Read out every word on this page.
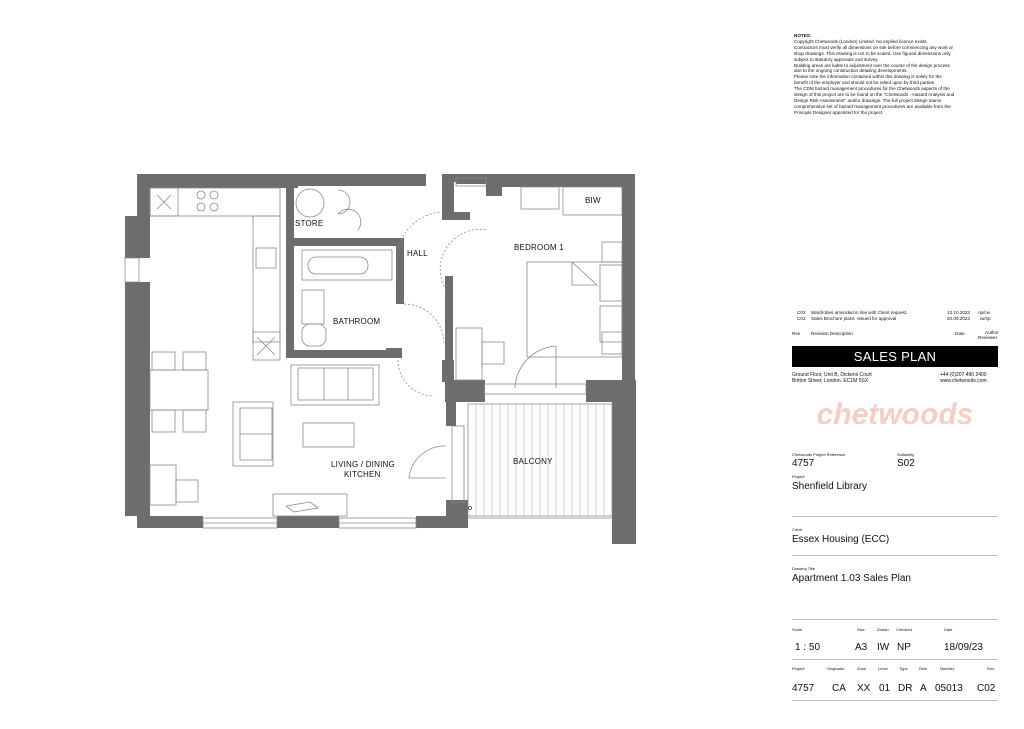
NOTES:
Copyright Chetwoods (London) Limited. No implied licence exists.
Contractors must verify all dimensions on site before commencing any work or
shop drawings. This drawing is not to be scaled. Use figured dimensions only
subject to statutory approvals and survey.
Building areas are liable to adjustment over the course of the design process
due to the ongoing construction detailing developments.
Please note the information contained within this drawing is solely for the
benefit of the employer and should not be relied upon by third parties.
The CDM hazard management procedures for the Chetwoods aspects of the
design of this project are to be found on the "Chetwoods - Hazard Analysis and
Design Risk Assessment" and/or drawings. The full project design teams
comprehensive set of hazard management procedures are available from the
Principle Designer appointed for the project.
STORE
HALL
BEDROOM 1
BIW
BATHROOM
LIVING / DINING
KITCHEN
BALCONY
C02 Wardrobes amended in line with Client request.	13.10.2023 np/cw
C01 Sales Brochure plans -issued for approval	20.09.2023 iw/np
Rev Revision Description	Date	Author
Reviewer
SALES PLAN
Ground Floor, Unit B, Dickens Court
Britton Street, London, EC1M 5SX
+44 (0)207 490 2400
www.chetwoods.com
chetwoods
Chetwoods Project Reference
4757
Suitability
S02
Project
Shenfield Library
Client
Essex Housing (ECC)
Drawing Title
Apartment 1.03 Sales Plan
Scale
1 : 50
Size
A3
Drawn
IW
Checked
NP
Date
18/09/23
Project	Originator	Zone	Level	Type	Role	Number	Rev.
4757 CA XX 01 DR A 05013 C02
